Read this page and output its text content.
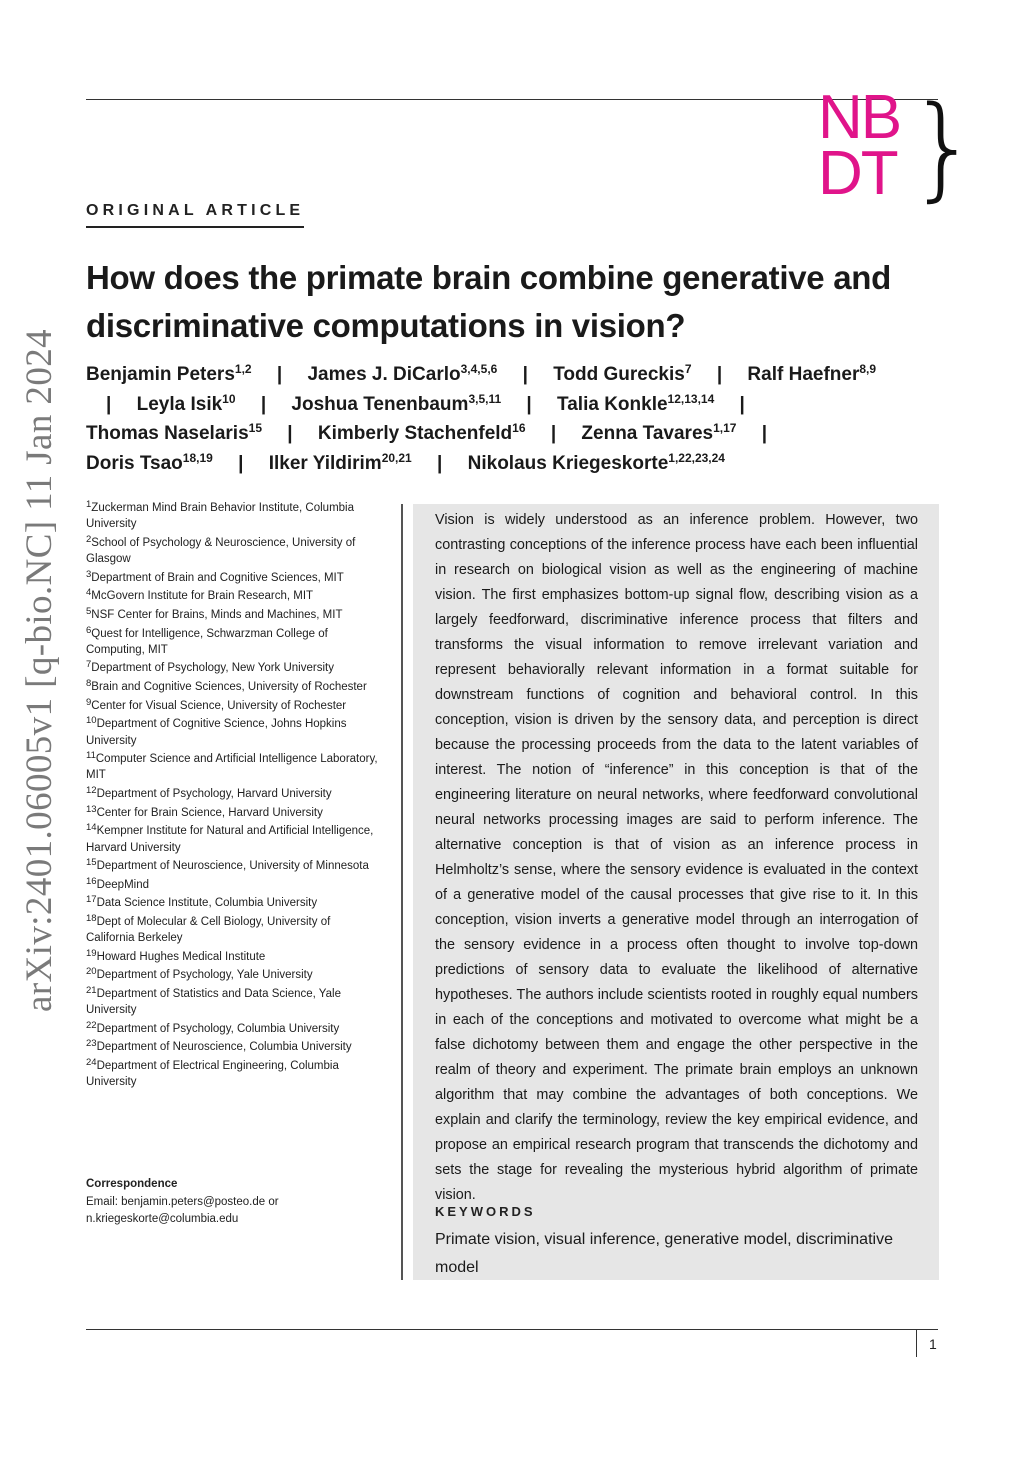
NB
DT }
arXiv:2401.06005v1 [q-bio.NC] 11 Jan 2024
ORIGINAL ARTICLE
How does the primate brain combine generative and discriminative computations in vision?
Benjamin Peters$^{1,2}$ | James J. DiCarlo$^{3,4,5,6}$ | Todd Gureckis$^7$ | Ralf Haefner$^{8,9}$ | Leyla Isik$^{10}$ | Joshua Tenenbaum$^{3,5,11}$ | Talia Konkle$^{12,13,14}$ | Thomas Naselaris$^{15}$ | Kimberly Stachenfeld$^{16}$ | Zenna Tavares$^{1,17}$ | Doris Tsao$^{18,19}$ | Ilker Yildirim$^{20,21}$ | Nikolaus Kriegeskorte$^{1,22,23,24}$
$^1$Zuckerman Mind Brain Behavior Institute, Columbia University
$^2$School of Psychology & Neuroscience, University of Glasgow
$^3$Department of Brain and Cognitive Sciences, MIT
$^4$McGovern Institute for Brain Research, MIT
$^5$NSF Center for Brains, Minds and Machines, MIT
$^6$Quest for Intelligence, Schwarzman College of Computing, MIT
$^7$Department of Psychology, New York University
$^8$Brain and Cognitive Sciences, University of Rochester
$^9$Center for Visual Science, University of Rochester
$^{10}$Department of Cognitive Science, Johns Hopkins University
$^{11}$Computer Science and Artificial Intelligence Laboratory, MIT
$^{12}$Department of Psychology, Harvard University
$^{13}$Center for Brain Science, Harvard University
$^{14}$Kempner Institute for Natural and Artificial Intelligence, Harvard University
$^{15}$Department of Neuroscience, University of Minnesota
$^{16}$DeepMind
$^{17}$Data Science Institute, Columbia University
$^{18}$Dept of Molecular & Cell Biology, University of California Berkeley
$^{19}$Howard Hughes Medical Institute
$^{20}$Department of Psychology, Yale University
$^{21}$Department of Statistics and Data Science, Yale University
$^{22}$Department of Psychology, Columbia University
$^{23}$Department of Neuroscience, Columbia University
$^{24}$Department of Electrical Engineering, Columbia University
Correspondence
Email: benjamin.peters@posteo.de or
n.kriegeskorte@columbia.edu

Vision is widely understood as an inference problem. However, two contrasting conceptions of the inference process have each been influential in research on biological vision as well as the engineering of machine vision. The first emphasizes bottom-up signal flow, describing vision as a largely feedforward, discriminative inference process that filters and transforms the visual information to remove irrelevant variation and represent behaviorally relevant information in a format suitable for downstream functions of cognition and behavioral control. In this conception, vision is driven by the sensory data, and perception is direct because the processing proceeds from the data to the latent variables of interest. The notion of “inference” in this conception is that of the engineering literature on neural networks, where feedforward convolutional neural networks processing images are said to perform inference. The alternative conception is that of vision as an inference process in Helmholtz’s sense, where the sensory evidence is evaluated in the context of a generative model of the causal processes that give rise to it. In this conception, vision inverts a generative model through an interrogation of the sensory evidence in a process often thought to involve top-down predictions of sensory data to evaluate the likelihood of alternative hypotheses. The authors include scientists rooted in roughly equal numbers in each of the conceptions and motivated to overcome what might be a false dichotomy between them and engage the other perspective in the realm of theory and experiment. The primate brain employs an unknown algorithm that may combine the advantages of both conceptions. We explain and clarify the terminology, review the key empirical evidence, and propose an empirical research program that transcends the dichotomy and sets the stage for revealing the mysterious hybrid algorithm of primate vision.

KEYWORDS
Primate vision, visual inference, generative model, discriminative model
1
